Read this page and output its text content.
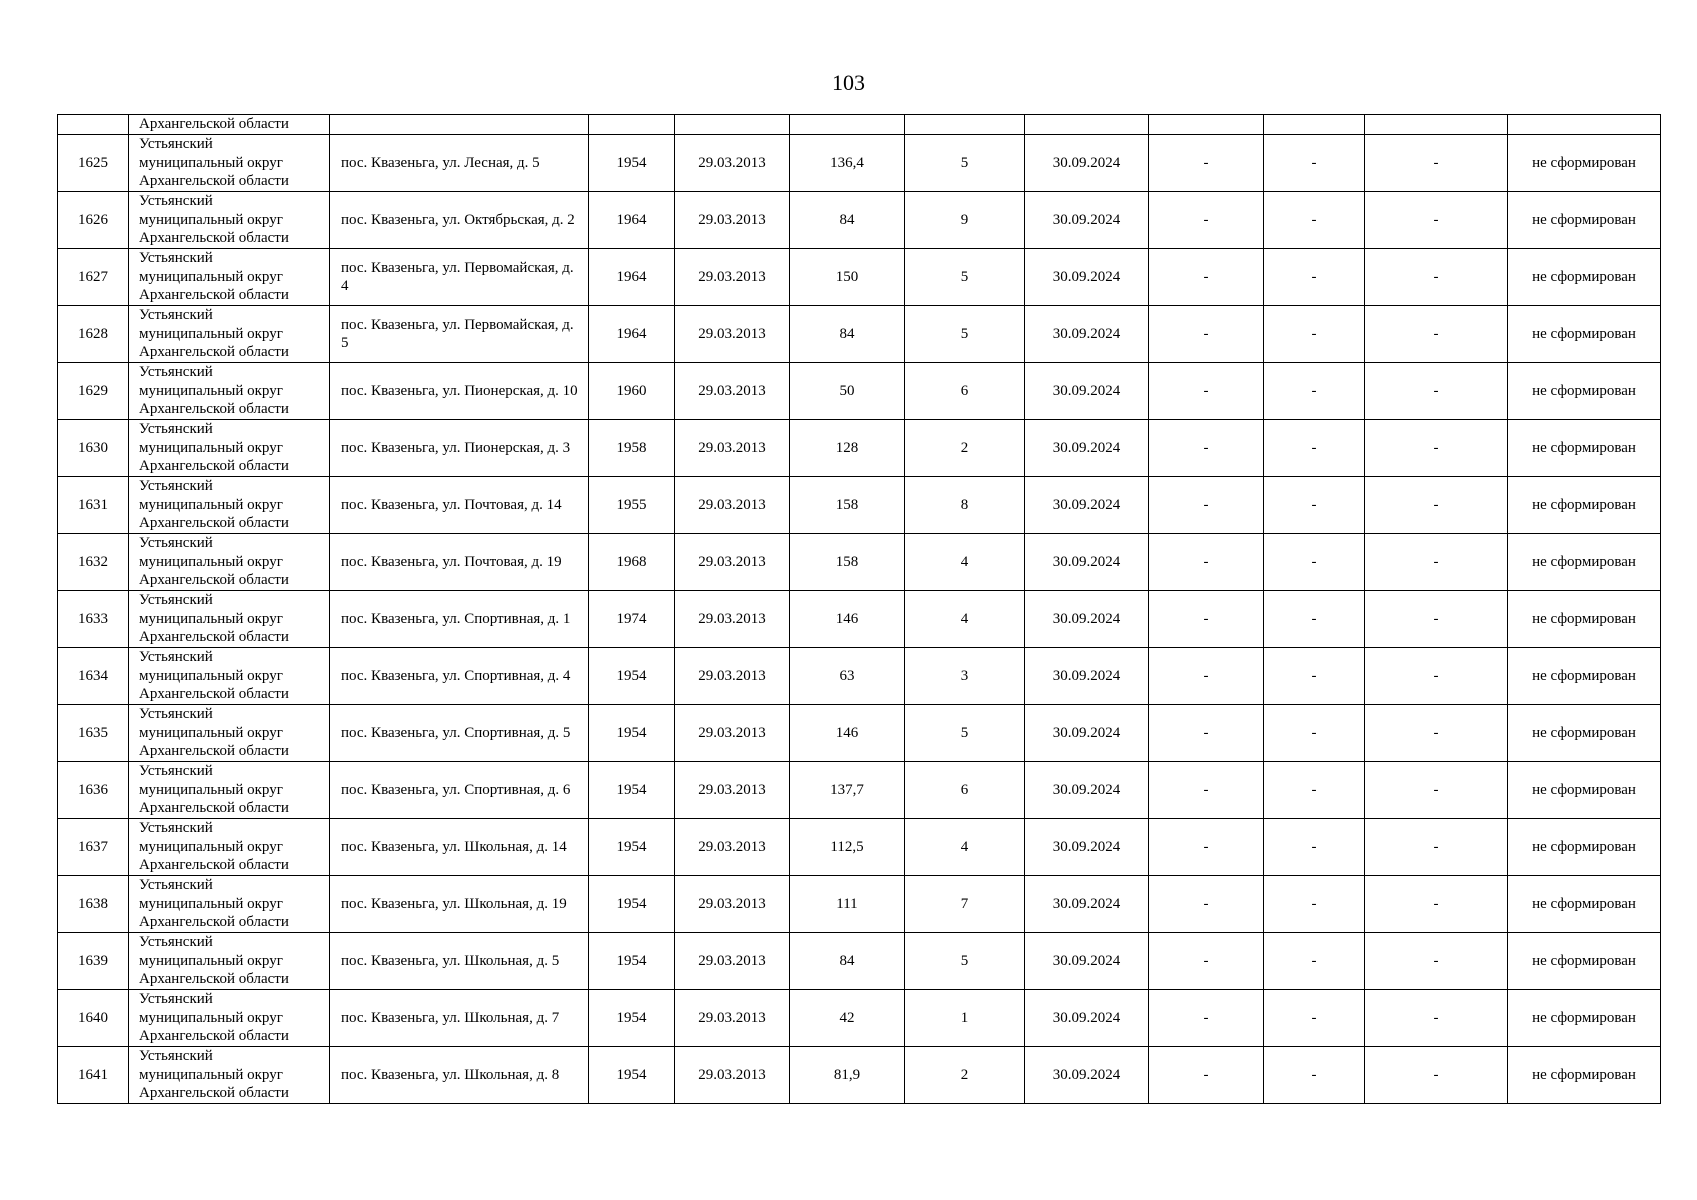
103
	Архангельской области										
1625	Устьянский
муниципальный округ
Архангельской области	пос. Квазеньга, ул. Лесная, д. 5	1954	29.03.2013	136,4	5	30.09.2024	-	-	-	не сформирован
1626	Устьянский
муниципальный округ
Архангельской области	пос. Квазеньга, ул. Октябрьская, д. 2	1964	29.03.2013	84	9	30.09.2024	-	-	-	не сформирован
1627	Устьянский
муниципальный округ
Архангельской области	пос. Квазеньга, ул. Первомайская, д. 4	1964	29.03.2013	150	5	30.09.2024	-	-	-	не сформирован
1628	Устьянский
муниципальный округ
Архангельской области	пос. Квазеньга, ул. Первомайская, д. 5	1964	29.03.2013	84	5	30.09.2024	-	-	-	не сформирован
1629	Устьянский
муниципальный округ
Архангельской области	пос. Квазеньга, ул. Пионерская, д. 10	1960	29.03.2013	50	6	30.09.2024	-	-	-	не сформирован
1630	Устьянский
муниципальный округ
Архангельской области	пос. Квазеньга, ул. Пионерская, д. 3	1958	29.03.2013	128	2	30.09.2024	-	-	-	не сформирован
1631	Устьянский
муниципальный округ
Архангельской области	пос. Квазеньга, ул. Почтовая, д. 14	1955	29.03.2013	158	8	30.09.2024	-	-	-	не сформирован
1632	Устьянский
муниципальный округ
Архангельской области	пос. Квазеньга, ул. Почтовая, д. 19	1968	29.03.2013	158	4	30.09.2024	-	-	-	не сформирован
1633	Устьянский
муниципальный округ
Архангельской области	пос. Квазеньга, ул. Спортивная, д. 1	1974	29.03.2013	146	4	30.09.2024	-	-	-	не сформирован
1634	Устьянский
муниципальный округ
Архангельской области	пос. Квазеньга, ул. Спортивная, д. 4	1954	29.03.2013	63	3	30.09.2024	-	-	-	не сформирован
1635	Устьянский
муниципальный округ
Архангельской области	пос. Квазеньга, ул. Спортивная, д. 5	1954	29.03.2013	146	5	30.09.2024	-	-	-	не сформирован
1636	Устьянский
муниципальный округ
Архангельской области	пос. Квазеньга, ул. Спортивная, д. 6	1954	29.03.2013	137,7	6	30.09.2024	-	-	-	не сформирован
1637	Устьянский
муниципальный округ
Архангельской области	пос. Квазеньга, ул. Школьная, д. 14	1954	29.03.2013	112,5	4	30.09.2024	-	-	-	не сформирован
1638	Устьянский
муниципальный округ
Архангельской области	пос. Квазеньга, ул. Школьная, д. 19	1954	29.03.2013	111	7	30.09.2024	-	-	-	не сформирован
1639	Устьянский
муниципальный округ
Архангельской области	пос. Квазеньга, ул. Школьная, д. 5	1954	29.03.2013	84	5	30.09.2024	-	-	-	не сформирован
1640	Устьянский
муниципальный округ
Архангельской области	пос. Квазеньга, ул. Школьная, д. 7	1954	29.03.2013	42	1	30.09.2024	-	-	-	не сформирован
1641	Устьянский
муниципальный округ
Архангельской области	пос. Квазеньга, ул. Школьная, д. 8	1954	29.03.2013	81,9	2	30.09.2024	-	-	-	не сформирован
